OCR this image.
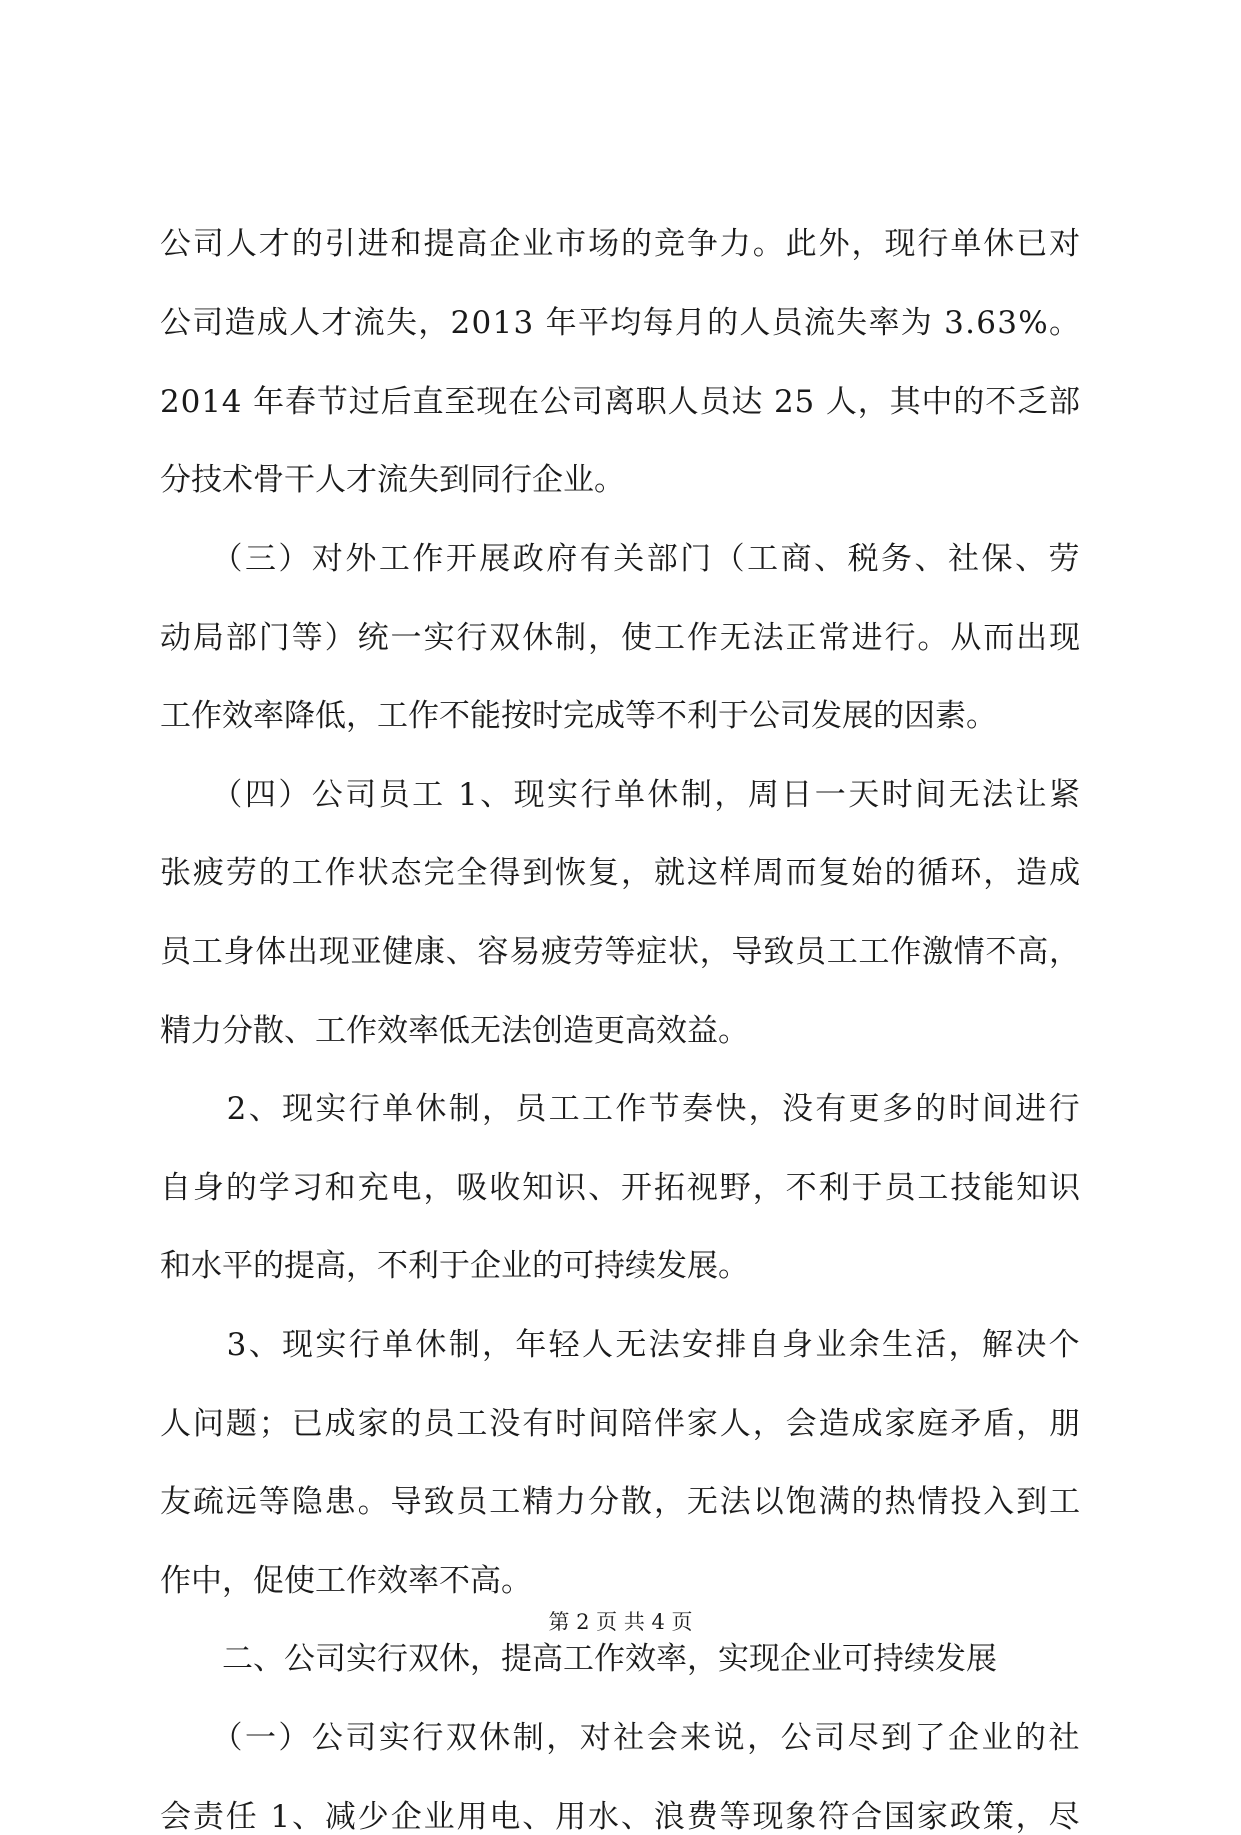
公司人才的引进和提高企业市场的竞争力。此外，现行单休已对
公司造成人才流失，2013 年平均每月的人员流失率为 3.63%。
2014 年春节过后直至现在公司离职人员达 25 人，其中的不乏部
分技术骨干人才流失到同行企业。
　　（三）对外工作开展政府有关部门（工商、税务、社保、劳
动局部门等）统一实行双休制，使工作无法正常进行。从而出现
工作效率降低，工作不能按时完成等不利于公司发展的因素。
　　（四）公司员工 1、现实行单休制，周日一天时间无法让紧
张疲劳的工作状态完全得到恢复，就这样周而复始的循环，造成
员工身体出现亚健康、容易疲劳等症状，导致员工工作激情不高，
精力分散、工作效率低无法创造更高效益。
　　2、现实行单休制，员工工作节奏快，没有更多的时间进行
自身的学习和充电，吸收知识、开拓视野，不利于员工技能知识
和水平的提高，不利于企业的可持续发展。
　　3、现实行单休制，年轻人无法安排自身业余生活，解决个
人问题；已成家的员工没有时间陪伴家人，会造成家庭矛盾，朋
友疏远等隐患。导致员工精力分散，无法以饱满的热情投入到工
作中，促使工作效率不高。
　　二、公司实行双休，提高工作效率，实现企业可持续发展
　　（一）公司实行双休制，对社会来说，公司尽到了企业的社
会责任 1、减少企业用电、用水、浪费等现象符合国家政策，尽
第 2 页 共 4 页
